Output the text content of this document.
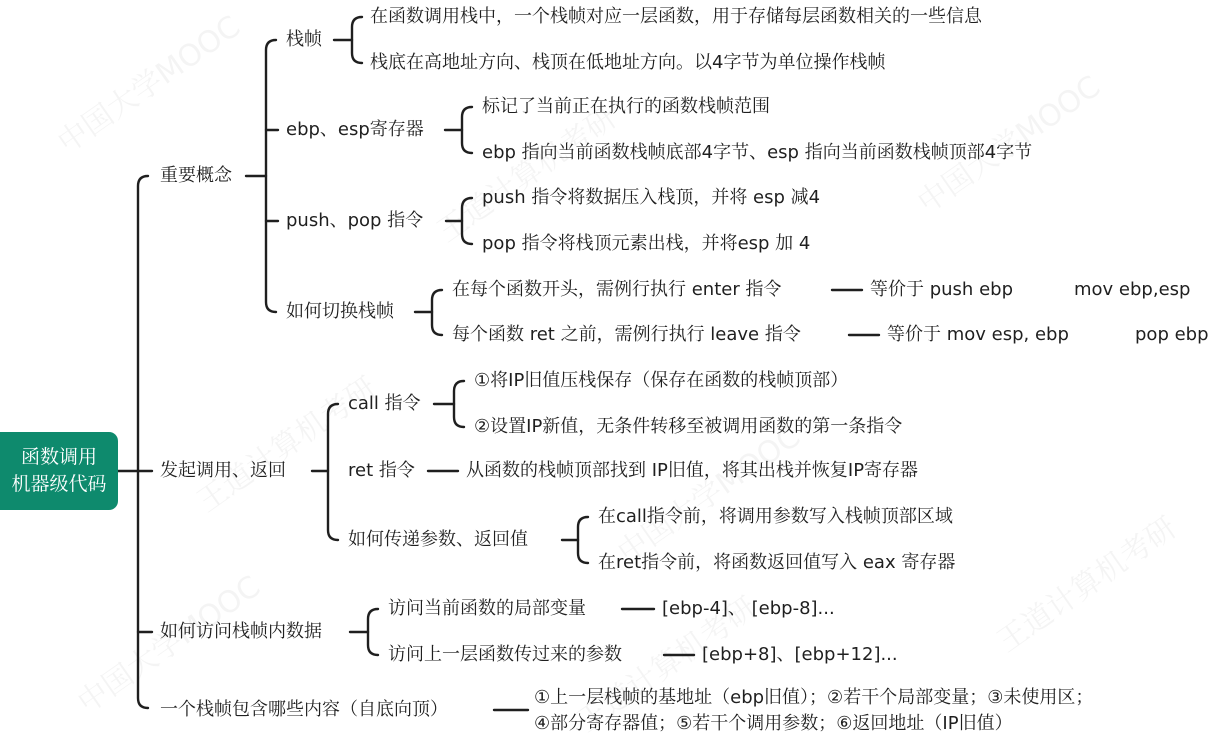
函数调用
机器级代码
重要概念
栈帧
在函数调用栈中，一个栈帧对应一层函数，用于存储每层函数相关的一些信息
栈底在高地址方向、栈顶在低地址方向。以4字节为单位操作栈帧
ebp、esp寄存器
标记了当前正在执行的函数栈帧范围
ebp 指向当前函数栈帧底部4字节、esp 指向当前函数栈帧顶部4字节
push、pop 指令
push 指令将数据压入栈顶，并将 esp 减4
pop 指令将栈顶元素出栈，并将esp 加 4
如何切换栈帧
在每个函数开头，需例行执行 enter 指令	等价于 push ebp	mov ebp,esp
每个函数 ret 之前，需例行执行 leave 指令	等价于 mov esp, ebp	pop ebp
发起调用、返回
call 指令
①将IP旧值压栈保存（保存在函数的栈帧顶部）
②设置IP新值，无条件转移至被调用函数的第一条指令
ret 指令	从函数的栈帧顶部找到 IP旧值，将其出栈并恢复IP寄存器
如何传递参数、返回值
在call指令前，将调用参数写入栈帧顶部区域
在ret指令前，将函数返回值写入 eax 寄存器
如何访问栈帧内数据
访问当前函数的局部变量	[ebp-4]、 [ebp-8]...
访问上一层函数传过来的参数	[ebp+8]、[ebp+12]...
一个栈帧包含哪些内容（自底向顶）
①上一层栈帧的基地址（ebp旧值）；②若干个局部变量；③未使用区；
④部分寄存器值；⑤若干个调用参数；⑥返回地址（IP旧值）
